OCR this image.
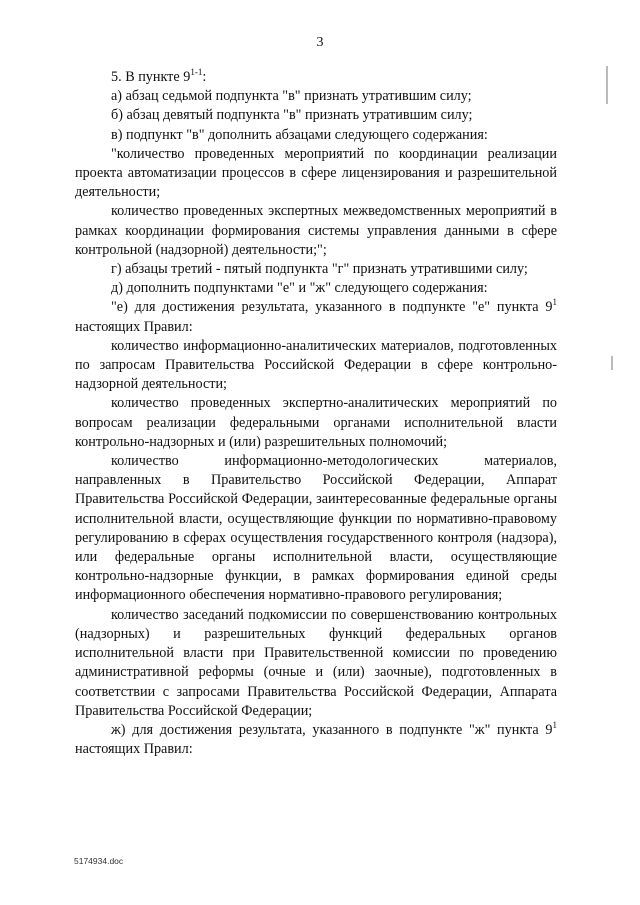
3

5. В пункте 9$^{1-1}$:

а) абзац седьмой подпункта "в" признать утратившим силу;

б) абзац девятый подпункта "в" признать утратившим силу;

в) подпункт "в" дополнить абзацами следующего содержания:

"количество проведенных мероприятий по координации реализации проекта автоматизации процессов в сфере лицензирования и разрешительной деятельности;

количество проведенных экспертных межведомственных мероприятий в рамках координации формирования системы управления данными в сфере контрольной (надзорной) деятельности;";

г) абзацы третий - пятый подпункта "г" признать утратившими силу;

д) дополнить подпунктами "е" и "ж" следующего содержания:

"е) для достижения результата, указанного в подпункте "е" пункта $9^1$ настоящих Правил:

количество информационно-аналитических материалов, подготовленных по запросам Правительства Российской Федерации в сфере контрольно-надзорной деятельности;

количество проведенных экспертно-аналитических мероприятий по вопросам реализации федеральными органами исполнительной власти контрольно-надзорных и (или) разрешительных полномочий;

количество информационно-методологических материалов, направленных в Правительство Российской Федерации, Аппарат Правительства Российской Федерации, заинтересованные федеральные органы исполнительной власти, осуществляющие функции по нормативно-правовому регулированию в сферах осуществления государственного контроля (надзора), или федеральные органы исполнительной власти, осуществляющие контрольно-надзорные функции, в рамках формирования единой среды информационного обеспечения нормативно-правового регулирования;

количество заседаний подкомиссии по совершенствованию контрольных (надзорных) и разрешительных функций федеральных органов исполнительной власти при Правительственной комиссии по проведению административной реформы (очные и (или) заочные), подготовленных в соответствии с запросами Правительства Российской Федерации, Аппарата Правительства Российской Федерации;

ж) для достижения результата, указанного в подпункте "ж" пункта $9^1$ настоящих Правил:

5174934.doc
